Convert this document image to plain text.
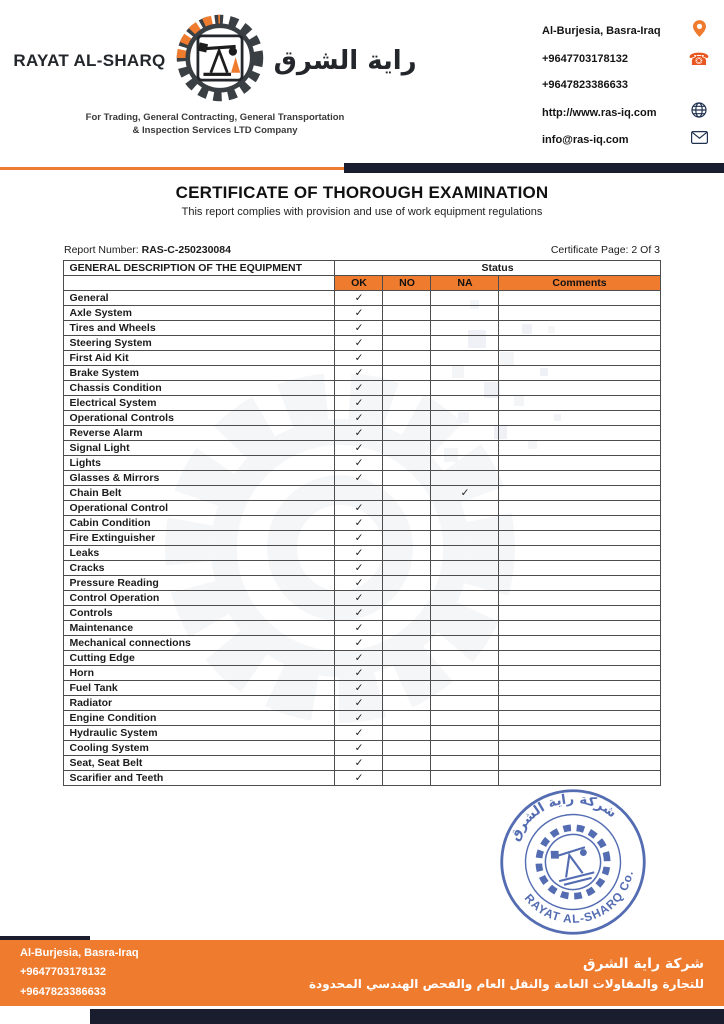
RAYAT AL-SHARQ	راية الشرق
For Trading, General Contracting, General Transportation
& Inspection Services LTD Company
Al-Burjesia, Basra-Iraq
+9647703178132	☎
+9647823386633
http://www.ras-iq.com
info@ras-iq.com
CERTIFICATE OF THOROUGH EXAMINATION
This report complies with provision and use of work equipment regulations
Report Number: RAS-C-250230084	Certificate Page: 2 Of 3
GENERAL DESCRIPTION OF THE EQUIPMENT	Status			
	OK	NO	NA	Comments
General	✓			
Axle System	✓			
Tires and Wheels	✓			
Steering System	✓			
First Aid Kit	✓			
Brake System	✓			
Chassis Condition	✓			
Electrical System	✓			
Operational Controls	✓			
Reverse Alarm	✓			
Signal Light	✓			
Lights	✓			
Glasses & Mirrors	✓			
Chain Belt			✓	
Operational Control	✓			
Cabin Condition	✓			
Fire Extinguisher	✓			
Leaks	✓			
Cracks	✓			
Pressure Reading	✓			
Control Operation	✓			
Controls	✓			
Maintenance	✓			
Mechanical connections	✓			
Cutting Edge	✓			
Horn	✓			
Fuel Tank	✓			
Radiator	✓			
Engine Condition	✓			
Hydraulic System	✓			
Cooling System	✓			
Seat, Seat Belt	✓			
Scarifier and Teeth	✓			
شركة راية الشرق
RAYAT AL-SHARQ Co.
Al-Burjesia, Basra-Iraq
+9647703178132
+9647823386633
شركة راية الشرق
للتجارة والمقاولات العامة والنقل العام والفحص الهندسي المحدودة
